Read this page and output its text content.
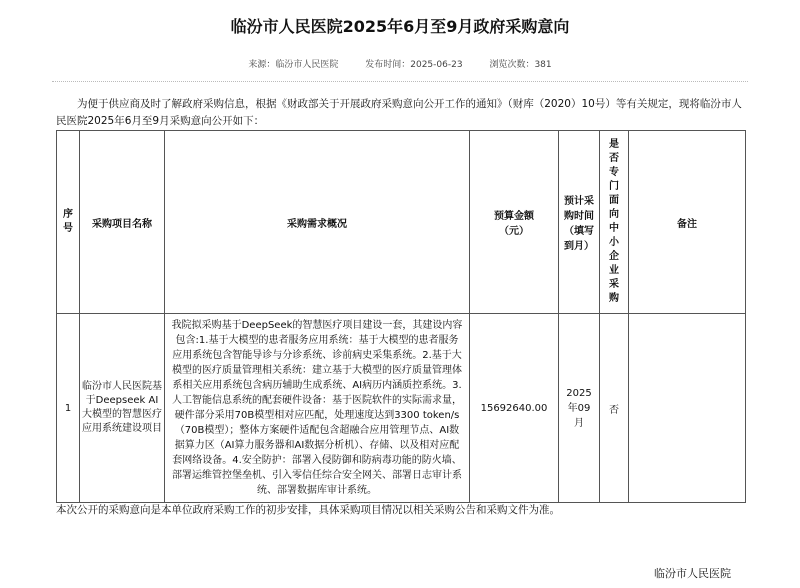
临汾市人民医院2025年6月至9月政府采购意向
来源：临汾市人民医院	发布时间：2025-06-23	浏览次数：381
为便于供应商及时了解政府采购信息，根据《财政部关于开展政府采购意向公开工作的通知》（财库（2020）10号）等有关规定，现将临汾市人民医院2025年6月至9月采购意向公开如下：
序号	采购项目名称	采购需求概况	预算金额（元）	预计采购时间（填写到月）	是否专门面向中小企业采购	备注
1	临汾市人民医院基于Deepseek AI大模型的智慧医疗应用系统建设项目	我院拟采购基于DeepSeek的智慧医疗项目建设一套，其建设内容包含:1.基于大模型的患者服务应用系统：基于大模型的患者服务应用系统包含智能导诊与分诊系统、诊前病史采集系统。2.基于大模型的医疗质量管理相关系统：建立基于大模型的医疗质量管理体系相关应用系统包含病历辅助生成系统、AI病历内涵质控系统。3.人工智能信息系统的配套硬件设备：基于医院软件的实际需求量，硬件部分采用70B模型相对应匹配，处理速度达到3300 token/s（70B模型）；整体方案硬件适配包含超融合应用管理节点、AI数据算力区（AI算力服务器和AI数据分析机）、存储、以及相对应配套网络设备。4.安全防护：部署入侵防御和防病毒功能的防火墙、部署运维管控堡垒机、引入零信任综合安全网关、部署日志审计系统、部署数据库审计系统。	15692640.00	2025年09月	否	
本次公开的采购意向是本单位政府采购工作的初步安排，具体采购项目情况以相关采购公告和采购文件为准。
临汾市人民医院
